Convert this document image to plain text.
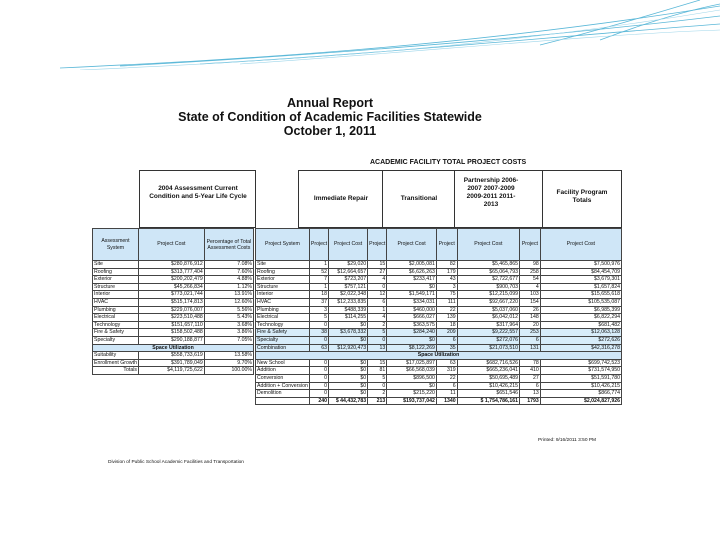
Annual Report
State of Condition of Academic Facilities Statewide
October 1, 2011
ACADEMIC FACILITY TOTAL PROJECT COSTS
2004 Assessment Current Condition and 5-Year Life Cycle	Immediate Repair	Transitional
Partnership 2006-2007 2007-2009 2009-2011 2011-2013
Facility Program Totals
Assessment System	Project Cost	Percentage of Total Assessment Costs
Site	$280,876,912	7.08%
Roofing	$313,777,404	7.60%
Exterior	$200,202,479	4.88%
Structure	$45,266,834	1.12%
Interior	$773,021,744	13.91%
HVAC	$515,174,813	12.60%
Plumbing	$229,076,007	5.56%
Electrical	$223,510,488	5.43%
Technology	$151,657,110	3.68%
Fire & Safety	$158,502,488	3.86%
Specialty	$290,188,877	7.05%
Space Utilization		
Suitability	$558,733,619	13.58%
Enrollment Growth	$391,789,049	9.70%
Totals	$4,119,725,622	100.00%
Project System	Project	Project Cost	Project	Project Cost	Project	Project Cost	Project	Project Cost
Site	1	$29,020	15	$2,005,081	82	$5,465,865	98	$7,500,976
Roofing	52	$12,664,657	27	$6,626,263	179	$65,064,793	258	$84,454,709
Exterior	7	$723,207	4	$233,417	43	$2,722,677	54	$3,679,301
Structure	1	$757,121	0	$0	3	$900,703	4	$1,657,824
Interior	18	$2,022,348	12	$1,549,171	75	$12,215,099	103	$15,655,618
HVAC	37	$12,233,835	6	$334,031	111	$92,667,220	154	$105,535,087
Plumbing	3	$488,339	1	$460,000	22	$5,037,060	26	$6,985,399
Electrical	5	$114,255	4	$666,027	139	$6,042,012	148	$6,822,294
Technology	0	$0	2	$363,575	18	$317,964	20	$681,482
Fire & Safety	38	$3,678,332	5	$284,240	209	$9,222,557	253	$12,063,128
Specialty	0	$0	0	$0	6	$272,076	6	$272,626
Combination	63	$12,920,473	13	$8,122,269	35	$21,073,510	131	$42,316,278
Space Utilization								
New School	0	$0	15	$17,025,897	63	$682,716,526	78	$699,742,523
Addition	0	$0	81	$66,568,039	319	$665,236,041	410	$731,574,950
Conversion	0	$0	5	$896,500	22	$50,695,489	27	$51,591,780
Addition + Conversion	0	$0	0	$0	6	$10,426,215	6	$10,426,215
Demolition	0	$0	2	$215,220	11	$651,546	13	$866,774
	240	$ 44,432,783	213	$193,737,042	1340	$ 1,754,786,161	1793	$2,024,827,926
Printed: 9/16/2011 3:50 PM
Division of Public School Academic Facilities and Transportation
